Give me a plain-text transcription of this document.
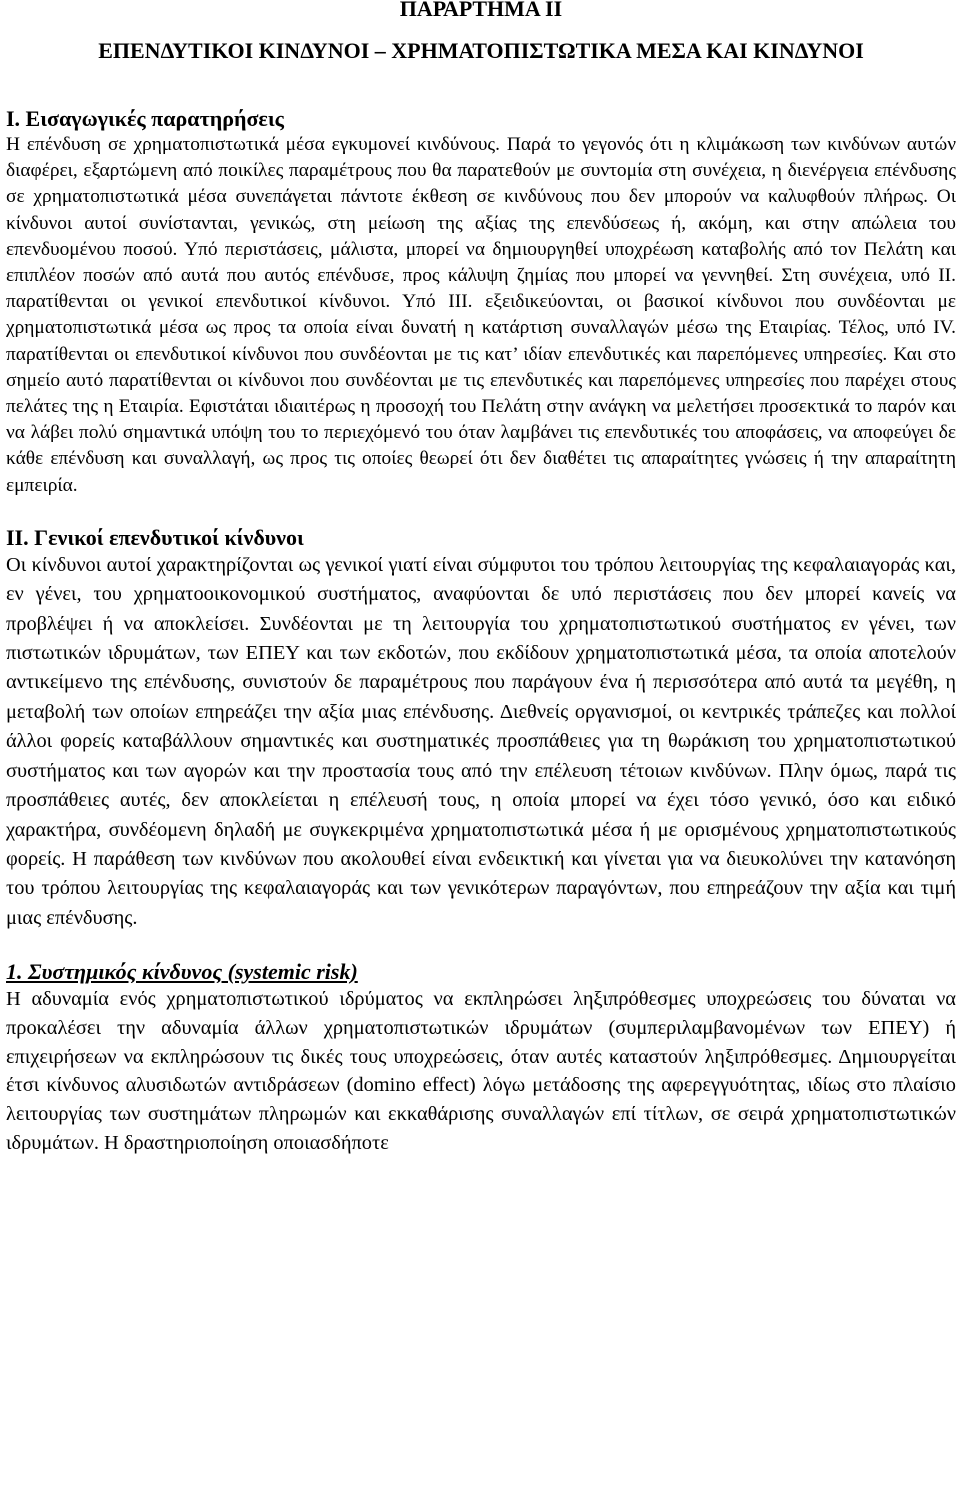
ΠΑΡΑΡΤΗΜΑ ΙΙ
ΕΠΕΝΔΥΤΙΚΟΙ ΚΙΝΔΥΝΟΙ – ΧΡΗΜΑΤΟΠΙΣΤΩΤΙΚΑ ΜΕΣΑ ΚΑΙ ΚΙΝΔΥΝΟΙ
Ι. Εισαγωγικές παρατηρήσεις

Η επένδυση σε χρηματοπιστωτικά μέσα εγκυμονεί κινδύνους. Παρά το γεγονός ότι η κλιμάκωση των κινδύνων αυτών διαφέρει, εξαρτώμενη από ποικίλες παραμέτρους που θα παρατεθούν με συντομία στη συνέχεια, η διενέργεια επένδυσης σε χρηματοπιστωτικά μέσα συνεπάγεται πάντοτε έκθεση σε κινδύνους που δεν μπορούν να καλυφθούν πλήρως. Οι κίνδυνοι αυτοί συνίστανται, γενικώς, στη μείωση της αξίας της επενδύσεως ή, ακόμη, και στην απώλεια του επενδυομένου ποσού. Υπό περιστάσεις, μάλιστα, μπορεί να δημιουργηθεί υποχρέωση καταβολής από τον Πελάτη και επιπλέον ποσών από αυτά που αυτός επένδυσε, προς κάλυψη ζημίας που μπορεί να γεννηθεί. Στη συνέχεια, υπό ΙΙ. παρατίθενται οι γενικοί επενδυτικοί κίνδυνοι. Υπό ΙΙΙ. εξειδικεύονται, οι βασικοί κίνδυνοι που συνδέονται με χρηματοπιστωτικά μέσα ως προς τα οποία είναι δυνατή η κατάρτιση συναλλαγών μέσω της Εταιρίας. Τέλος, υπό IV. παρατίθενται οι επενδυτικοί κίνδυνοι που συνδέονται με τις κατ’ ιδίαν επενδυτικές και παρεπόμενες υπηρεσίες. Και στο σημείο αυτό παρατίθενται οι κίνδυνοι που συνδέονται με τις επενδυτικές και παρεπόμενες υπηρεσίες που παρέχει στους πελάτες της η Εταιρία. Εφιστάται ιδιαιτέρως η προσοχή του Πελάτη στην ανάγκη να μελετήσει προσεκτικά το παρόν και να λάβει πολύ σημαντικά υπόψη του το περιεχόμενό του όταν λαμβάνει τις επενδυτικές του αποφάσεις, να αποφεύγει δε κάθε επένδυση και συναλλαγή, ως προς τις οποίες θεωρεί ότι δεν διαθέτει τις απαραίτητες γνώσεις ή την απαραίτητη εμπειρία.

ΙΙ. Γενικοί επενδυτικοί κίνδυνοι

Οι κίνδυνοι αυτοί χαρακτηρίζονται ως γενικοί γιατί είναι σύμφυτοι του τρόπου λειτουργίας της κεφαλαιαγοράς και, εν γένει, του χρηματοοικονομικού συστήματος, αναφύονται δε υπό περιστάσεις που δεν μπορεί κανείς να προβλέψει ή να αποκλείσει. Συνδέονται με τη λειτουργία του χρηματοπιστωτικού συστήματος εν γένει, των πιστωτικών ιδρυμάτων, των ΕΠΕΥ και των εκδοτών, που εκδίδουν χρηματοπιστωτικά μέσα, τα οποία αποτελούν αντικείμενο της επένδυσης, συνιστούν δε παραμέτρους που παράγουν ένα ή περισσότερα από αυτά τα μεγέθη, η μεταβολή των οποίων επηρεάζει την αξία μιας επένδυσης. Διεθνείς οργανισμοί, οι κεντρικές τράπεζες και πολλοί άλλοι φορείς καταβάλλουν σημαντικές και συστηματικές προσπάθειες για τη θωράκιση του χρηματοπιστωτικού συστήματος και των αγορών και την προστασία τους από την επέλευση τέτοιων κινδύνων. Πλην όμως, παρά τις προσπάθειες αυτές, δεν αποκλείεται η επέλευσή τους, η οποία μπορεί να έχει τόσο γενικό, όσο και ειδικό χαρακτήρα, συνδέομενη δηλαδή με συγκεκριμένα χρηματοπιστωτικά μέσα ή με ορισμένους χρηματοπιστωτικούς φορείς. Η παράθεση των κινδύνων που ακολουθεί είναι ενδεικτική και γίνεται για να διευκολύνει την κατανόηση του τρόπου λειτουργίας της κεφαλαιαγοράς και των γενικότερων παραγόντων, που επηρεάζουν την αξία και τιμή μιας επένδυσης.

1. Συστημικός κίνδυνος (systemic risk)

Η αδυναμία ενός χρηματοπιστωτικού ιδρύματος να εκπληρώσει ληξιπρόθεσμες υποχρεώσεις του δύναται να προκαλέσει την αδυναμία άλλων χρηματοπιστωτικών ιδρυμάτων (συμπεριλαμβανομένων των ΕΠΕΥ) ή επιχειρήσεων να εκπληρώσουν τις δικές τους υποχρεώσεις, όταν αυτές καταστούν ληξιπρόθεσμες. Δημιουργείται έτσι κίνδυνος αλυσιδωτών αντιδράσεων (domino effect) λόγω μετάδοσης της αφερεγγυότητας, ιδίως στο πλαίσιο λειτουργίας των συστημάτων πληρωμών και εκκαθάρισης συναλλαγών επί τίτλων, σε σειρά χρηματοπιστωτικών ιδρυμάτων. Η δραστηριοποίηση οποιασδήποτε
